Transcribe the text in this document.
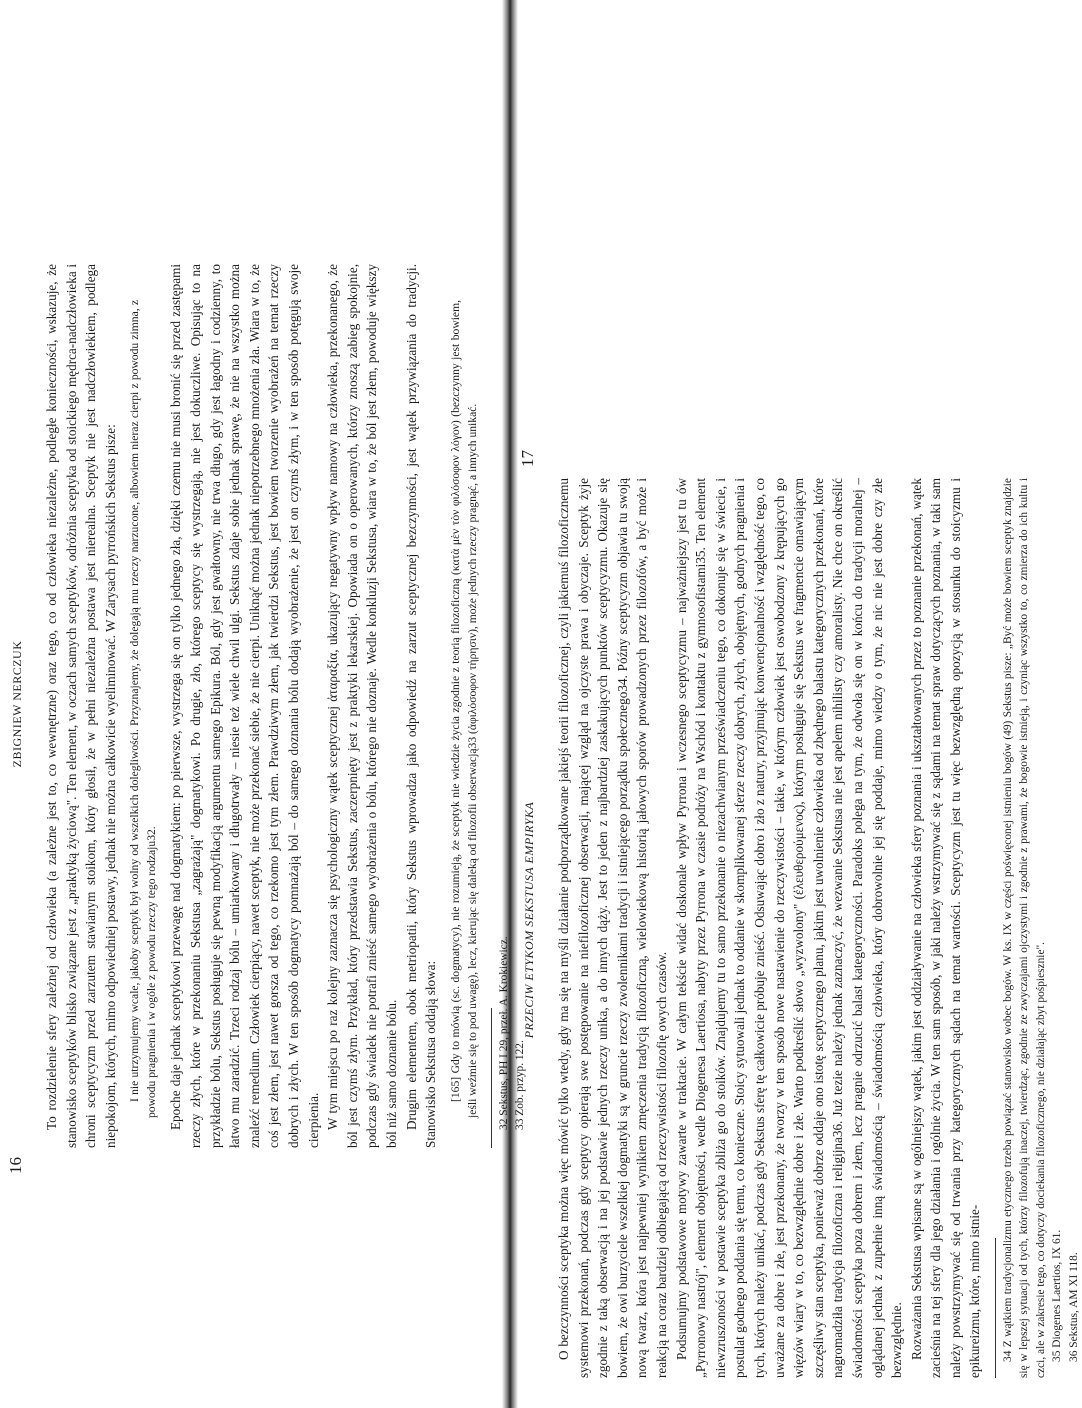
16
ZBIGNIEW NERCZUK To rozdzielenie sfery zależnej od człowieka (a zależne jest to, co wewnętrzne) oraz tego, co od człowieka niezależne, podległe konieczności, wskazuje, że stanowisko sceptyków blisko związane jest z „praktyką życiową". Ten element, w oczach samych sceptyków, odróżnia sceptyka od stoickiego mędrca-nadczłowieka i chroni sceptycyzm przed zarzutem stawianym stoikom, który głosił, że w pełni niezależna postawa jest nierealna. Sceptyk nie jest nadczłowiekiem, podlega niepokojom, których, mimo odpowiedniej postawy, jednak nie można całkowicie wyeliminować. W Zarysach pyrrońskich Sekstus pisze: I nie utrzymujemy wcale, jakoby sceptyk był wolny od wszelkich dolegliwości. Przyznajemy, że dolegają mu rzeczy narzucone, albowiem nieraz cierpi z powodu zimna, z powodu pragnienia i w ogóle z powodu rzeczy tego rodzaju32. Epoche daje jednak sceptykowi przewagę nad dogmatykiem: po pierwsze, wystrzega się on tylko jednego zła, dzięki czemu nie musi bronić się przed zastępami rzeczy złych, które w przekonaniu Sekstusa „zagrażają" dogmatykowi. Po drugie, zło, którego sceptycy się wystrzegają, nie jest dokuczliwe. Opisując to na przykładzie bólu, Sekstus posługuje się pewną modyfikacją argumentu samego Epikura. Ból, gdy jest gwałtowny, nie trwa długo, gdy jest łagodny i codzienny, to łatwo mu zaradzić. Trzeci rodzaj bólu – umiarkowany i długotrwały – niesie też wiele chwil ulgi. Sekstus zdaje sobie jednak sprawę, że nie na wszystko można znaleźć remedium. Człowiek cierpiący, nawet sceptyk, nie może przekonać siebie, że nie cierpi. Uniknąć można jednak niepotrzebnego mnożenia zła. Wiara w to, że coś jest złem, jest nawet gorsza od tego, co rzekomo jest tym złem. Prawdziwym złem, jak twierdzi Sekstus, jest bowiem tworzenie wyobrażeń na temat rzeczy dobrych i złych. W ten sposób dogmatycy pomnażają ból – do samego doznania bólu dodają wyobrażenie, że jest on czymś złym, i w ten sposób potęgują swoje cierpienia. W tym miejscu po raz kolejny zaznacza się psychologiczny wątek sceptycznej ἀταραξία, ukazujący negatywny wpływ namowy na człowieka, przekonanego, że ból jest czymś złym. Przykład, który przedstawia Sekstus, zaczerpnięty jest z praktyki lekarskiej. Opowiada on o operowanych, którzy znoszą zabieg spokojnie, podczas gdy świadek nie potrafi znieść samego wyobrażenia o bólu, którego nie doznaje. Wedle konkluzji Sekstusa, wiara w to, że ból jest złem, powoduje większy ból niż samo doznanie bólu. Drugim elementem, obok metriopatii, który Sekstus wprowadza jako odpowiedź na zarzut sceptycznej bezczynności, jest wątek przywiązania do tradycji. Stanowisko Sekstusa oddają słowa: [165] Gdy to mówią (sc. dogmatycy), nie rozumieją, że sceptyk nie wiedzie życia zgodnie z teorią filozoficzną (κατὰ μὲν τὸν φιλόσοφον λόγον) (bezczynny jest bowiem, jeśli weźmie się to pod uwagę), lecz, kierując się daleką od filozofii obserwacją33 (ἀφιλόσοφον τήρησιν), może jednych rzeczy pragnąć, a innych unikać. 32 Sekstus, PH I 29, przeł. A. Krokiewicz. 33 Zob. przyp. 122.

PRZECIW ETYKOM SEKSTUSA EMPIRYKA
17

O bezczynności sceptyka można więc mówić tylko wtedy, gdy ma się na myśli działanie podporządkowane jakiejś teorii filozoficznej, czyli jakiemuś filozoficznemu systemowi przekonań, podczas gdy sceptycy opierają swe postępowanie na niefilozoficznej obserwacji, mającej wzgląd na ojczyste prawa i obyczaje. Sceptyk żyje zgodnie z taką obserwacją i na jej podstawie jednych rzeczy unika, a do innych dąży. Jest to jeden z najbardziej zaskakujących punktów sceptycyzmu. Okazuje się bowiem, że owi burzyciele wszelkiej dogmatyki są w gruncie rzeczy zwolennikami tradycji i istniejącego porządku społecznego34. Późny sceptycyzm objawia tu swoją nową twarz, która jest najpewniej wynikiem zmęczenia tradycją filozoficzną, wielowiekową historią jałowych sporów prowadzonych przez filozofów, a być może i reakcją na coraz bardziej odbiegającą od rzeczywistości filozofię owych czasów. Podsumujmy podstawowe motywy zawarte w traktacie. W całym tekście widać doskonale wpływ Pyrrona i wczesnego sceptycyzmu – najważniejszy jest tu ów „Pyrronowy nastrój", element obojętności, wedle Diogenesa Laertiosa, nabyty przez Pyrrona w czasie podróży na Wschód i kontaktu z gymnosofistami35. Ten element niewzruszoności w postawie sceptyka zbliża go do stoików. Znajdujemy tu to samo przekonanie o niezachwianym przeświadczeniu tego, co dokonuje się w świecie, i postulat godnego poddania się temu, co konieczne. Stoicy sytuowali jednak to oddanie w skomplikowanej sferze rzeczy dobrych, złych, obojętnych, godnych pragnienia i tych, których należy unikać, podczas gdy Sekstus sferę tę całkowicie próbuje znieść. Odsuwając dobro i zło z natury, przyjmując konwencjonalność i względność tego, co uważane za dobre i złe, jest przekonany, że tworzy w ten sposób nowe nastawienie do rzeczywistości – takie, w którym człowiek jest oswobodzony z krępujących go więzów wiary w to, co bezwzględnie dobre i złe. Warto podkreślić słowo „wyzwolony" (ἐλευθερούμενος), którym posługuje się Sekstus we fragmencie omawiającym szczęśliwy stan sceptyka, ponieważ dobrze oddaje ono istotę sceptycznego planu, jakim jest uwolnienie człowieka od zbędnego balastu kategorycznych przekonań, które nagromadziła tradycja filozoficzna i religijna36. Już tezie należy jednak zaznaczyć, że wezwanie Sekstusa nie jest apelem nihilisty czy amoralisty. Nie chce on określić świadomości sceptyka poza dobrem i złem, lecz pragnie odrzucić balast kategoryczności. Paradoks polega na tym, że odwoła się on w końcu do tradycji moralnej – oglądanej jednak z zupełnie inną świadomością – świadomością człowieka, który dobrowolnie jej się poddaje, mimo wiedzy o tym, że nic nie jest dobre czy złe bezwzględnie. Rozważania Sekstusa wpisane są w ogólniejszy wątek, jakim jest oddziaływanie na człowieka sfery poznania i ukształtowanych przez to poznanie przekonań, wątek zacieśnia na tej sfery dla jego działania i ogólnie życia. W ten sam sposób, w jaki należy wstrzymywać się z sądami na temat spraw dotyczących poznania, w taki sam należy powstrzymywać się od trwania przy kategorycznych sądach na temat wartości. Sceptycyzm jest tu więc bezwzględną opozycją w stosunku do stoicyzmu i epikureizmu, które, mimo istnie- 34 Z wątkiem tradycjonalizmu etycznego trzeba powiązać stanowisko wobec bogów. W ks. IX w części poświęconej istnieniu bogów (49) Sekstus pisze: „Być może bowiem sceptyk znajdzie się w lepszej sytuacji od tych, którzy filozofują inaczej, twierdząc, zgodnie ze zwyczajami ojczystymi i zgodnie z prawami, że bogowie istnieją, i czyniąc wszystko to, co zmierza do ich kultu i czci, ale w zakresie tego, co dotyczy dociekania filozoficznego, nie działając zbyt pośpiesznie". 35 Diogenes Laertios, IX 61. 36 Sekstus, AM XI 118.
